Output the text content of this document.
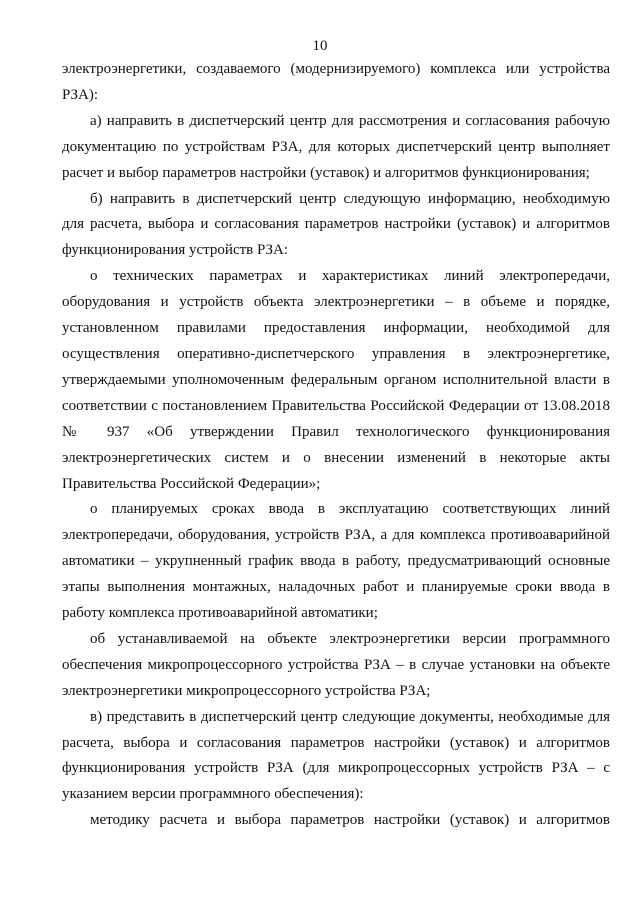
10

электроэнергетики, создаваемого (модернизируемого) комплекса или устройства

РЗА):

а) направить в диспетчерский центр для рассмотрения и согласования рабочую

документацию по устройствам РЗА, для которых диспетчерский центр выполняет

расчет и выбор параметров настройки (уставок) и алгоритмов функционирования;

б) направить в диспетчерский центр следующую информацию, необходимую

для расчета, выбора и согласования параметров настройки (уставок) и алгоритмов

функционирования устройств РЗА:

о технических параметрах и характеристиках линий электропередачи,

оборудования и устройств объекта электроэнергетики – в объеме и порядке,

установленном правилами предоставления информации, необходимой для

осуществления оперативно-диспетчерского управления в электроэнергетике,

утверждаемыми уполномоченным федеральным органом исполнительной власти в

соответствии с постановлением Правительства Российской Федерации от 13.08.2018

№ 937 «Об утверждении Правил технологического функционирования

электроэнергетических систем и о внесении изменений в некоторые акты

Правительства Российской Федерации»;

о планируемых сроках ввода в эксплуатацию соответствующих линий

электропередачи, оборудования, устройств РЗА, а для комплекса противоаварийной

автоматики – укрупненный график ввода в работу, предусматривающий основные

этапы выполнения монтажных, наладочных работ и планируемые сроки ввода в

работу комплекса противоаварийной автоматики;

об устанавливаемой на объекте электроэнергетики версии программного

обеспечения микропроцессорного устройства РЗА – в случае установки на объекте

электроэнергетики микропроцессорного устройства РЗА;

в) представить в диспетчерский центр следующие документы, необходимые для

расчета, выбора и согласования параметров настройки (уставок) и алгоритмов

функционирования устройств РЗА (для микропроцессорных устройств РЗА – с

указанием версии программного обеспечения):

методику расчета и выбора параметров настройки (уставок) и алгоритмов
